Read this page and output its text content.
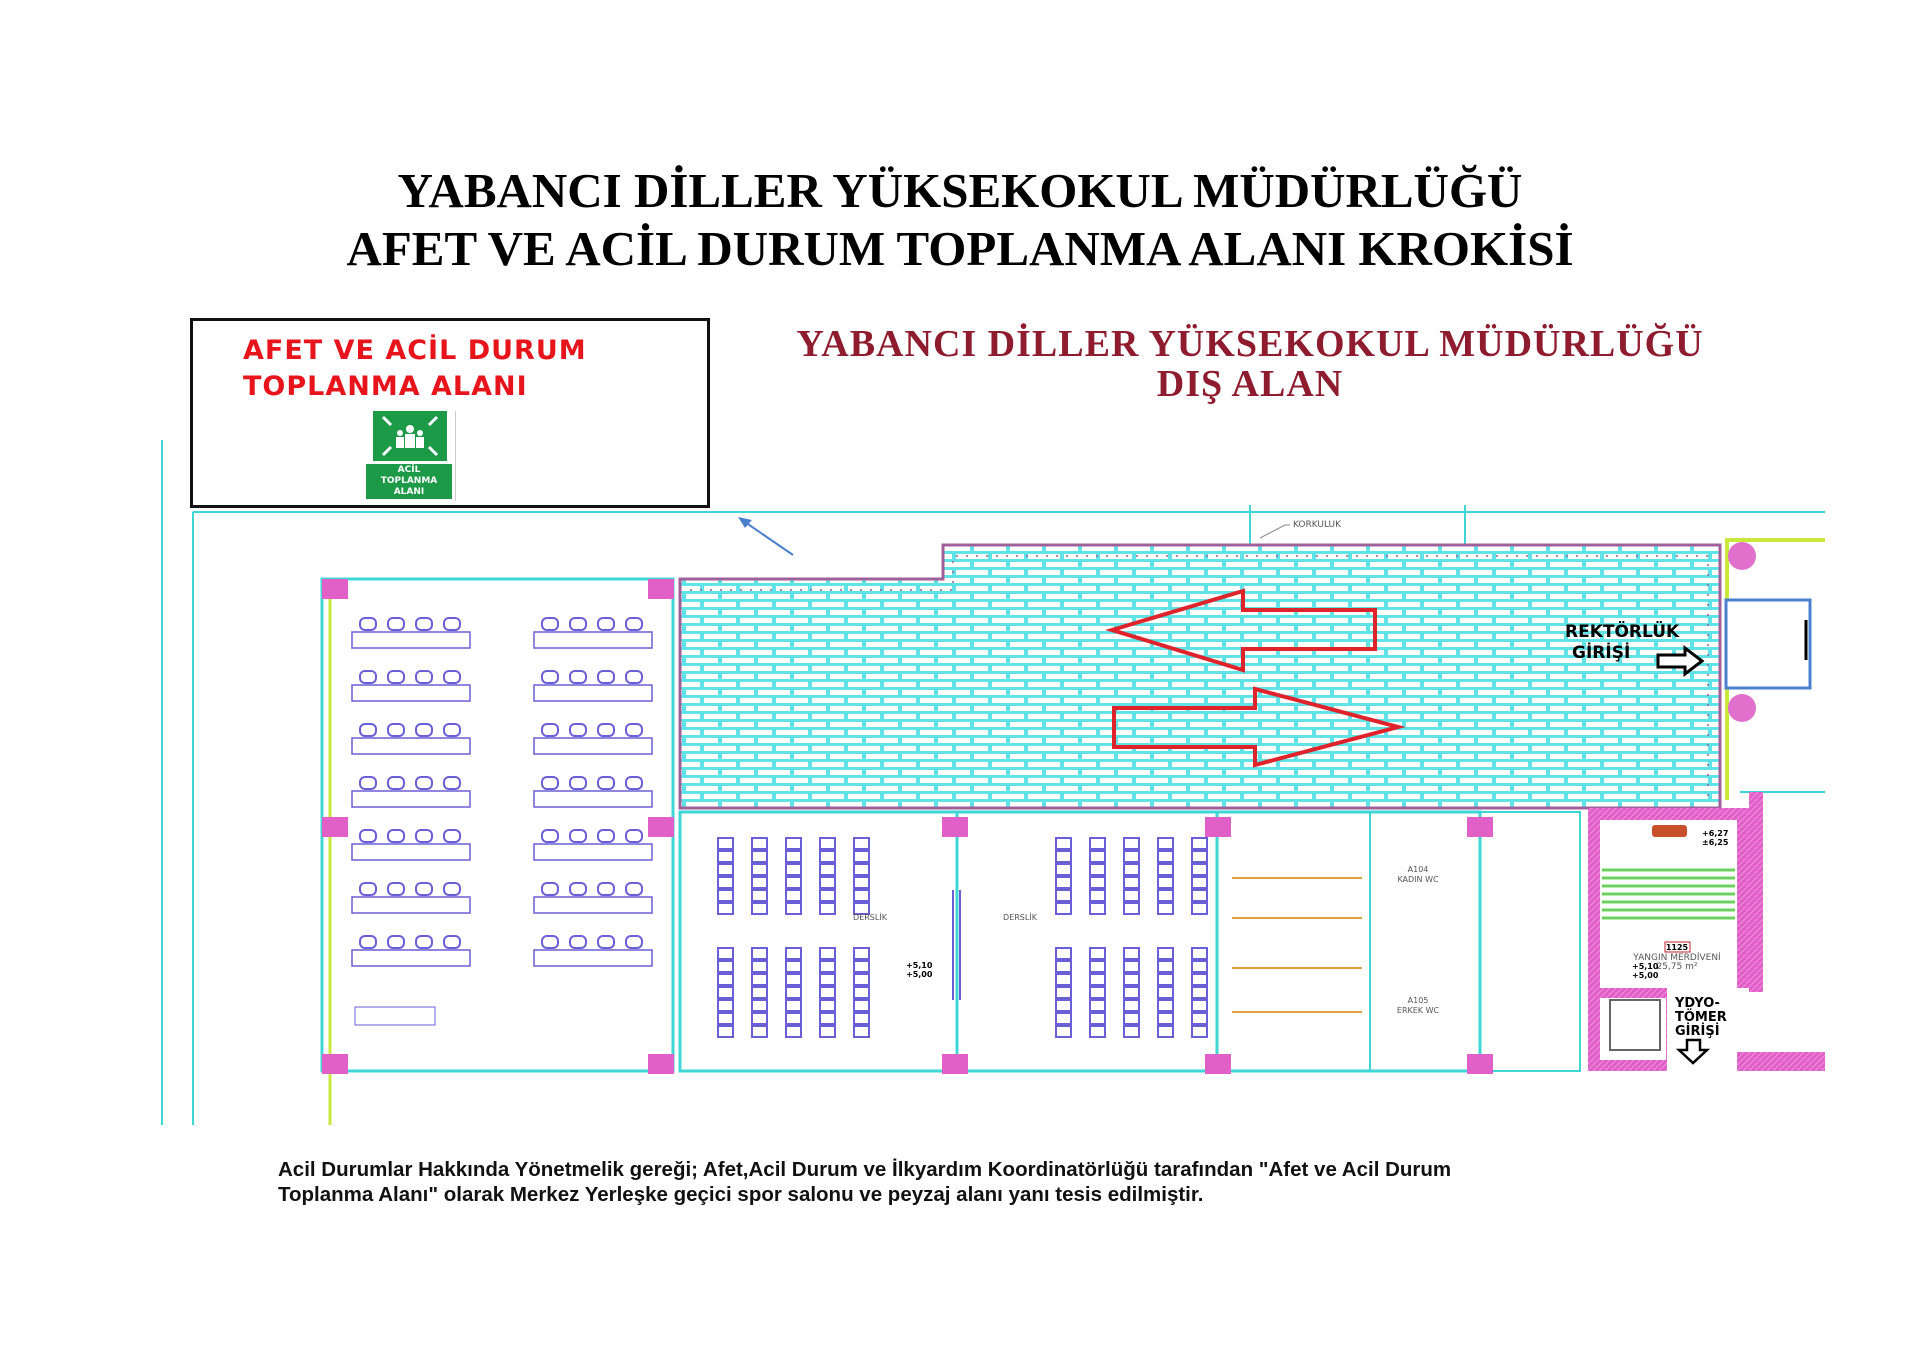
YABANCI DİLLER YÜKSEKOKUL MÜDÜRLÜĞÜ
AFET VE ACİL DURUM TOPLANMA ALANI KROKİSİ
KORKULUK
REKTÖRLÜK
GİRİŞİ
DERSLİK	DERSLİK
A104
KADIN WC
A105
ERKEK WC
+5,10
+5,00
1125
YANGIN MERDİVENİ
25,75 m²
+6,27
±6,25
+5,10
+5,00
YDYO-
TÖMER
GİRİŞİ
AFET VE ACİL DURUM
TOPLANMA ALANI
ACİL
TOPLANMA
ALANI
YABANCI DİLLER YÜKSEKOKUL MÜDÜRLÜĞÜ
DIŞ ALAN
Acil Durumlar Hakkında Yönetmelik gereği; Afet,Acil Durum ve İlkyardım Koordinatörlüğü tarafından "Afet ve Acil Durum
Toplanma Alanı" olarak Merkez Yerleşke geçici spor salonu ve peyzaj alanı yanı tesis edilmiştir.
